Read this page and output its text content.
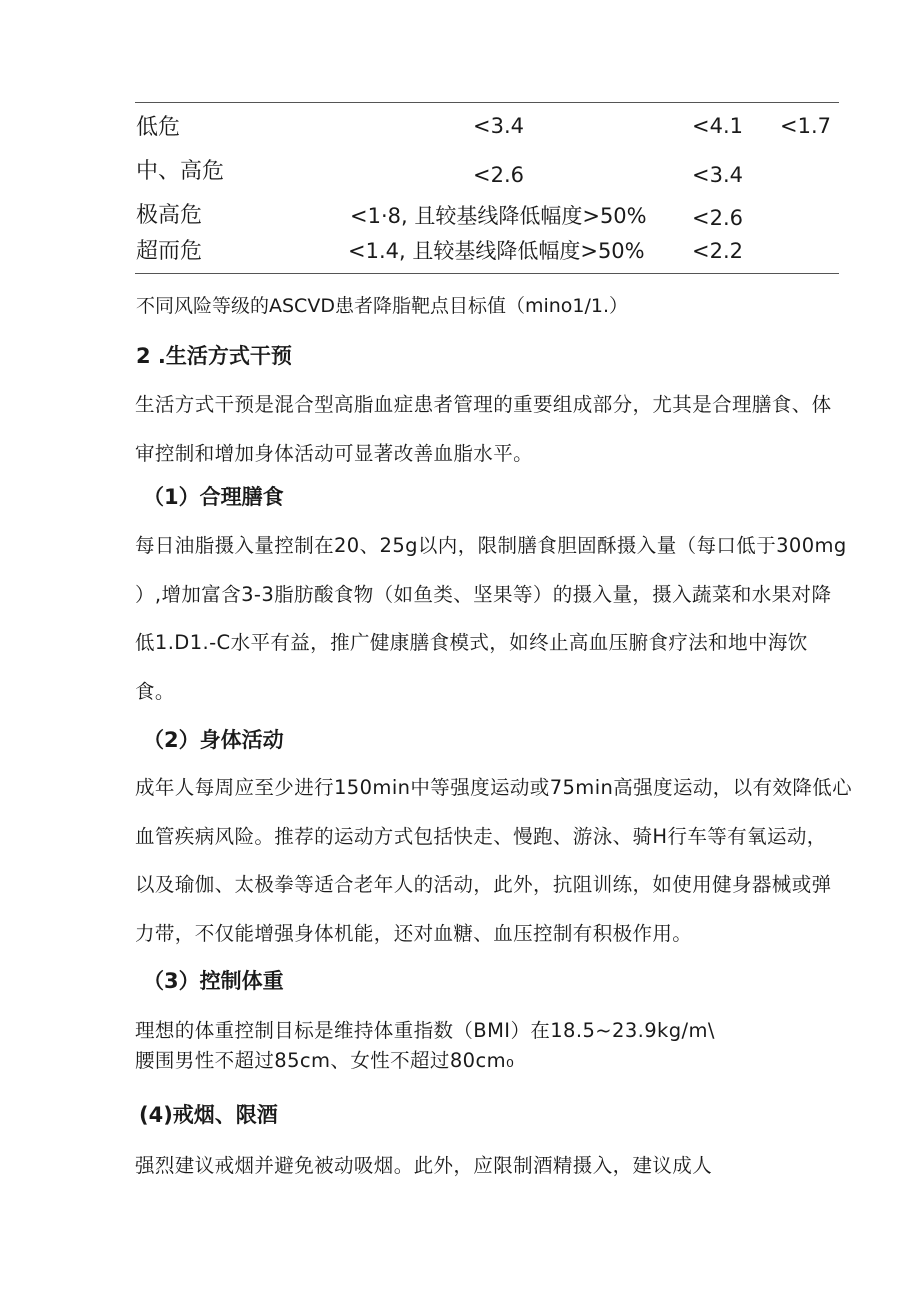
低危	<3.4	<4.1 <1.7
中、高危	<2.6	<3.4
极高危	<1·8, 且较基线降低幅度>50% <2.6
超而危	<1.4, 且较基线降低幅度>50% <2.2
不同风险等级的ASCVD患者降脂靶点目标值（mino1/1.）
2 .生活方式干预
生活方式干预是混合型高脂血症患者管理的重要组成部分，尤其是合理膳食、体
审控制和增加身体活动可显著改善血脂水平。
（1）合理膳食
每日油脂摄入量控制在20、25g以内，限制膳食胆固酥摄入量（每口低于300mg
）,增加富含3-3脂肪酸食物（如鱼类、坚果等）的摄入量，摄入蔬菜和水果对降
低1.D1.-C水平有益，推广健康膳食模式，如终止高血压腑食疗法和地中海饮
食。
（2）身体活动
成年人每周应至少进行150min中等强度运动或75min高强度运动，以有效降低心
血管疾病风险。推荐的运动方式包括快走、慢跑、游泳、骑H行车等有氧运动，
以及瑜伽、太极拳等适合老年人的活动，此外，抗阻训练，如使用健身器械或弹
力带，不仅能增强身体机能，还对血糖、血压控制有积极作用。
（3）控制体重
理想的体重控制目标是维持体重指数（BMI）在18.5~23.9kg/m\
腰围男性不超过85cm、女性不超过80cm₀
(4)戒烟、限酒
强烈建议戒烟并避免被动吸烟。此外，应限制酒精摄入，建议成人
